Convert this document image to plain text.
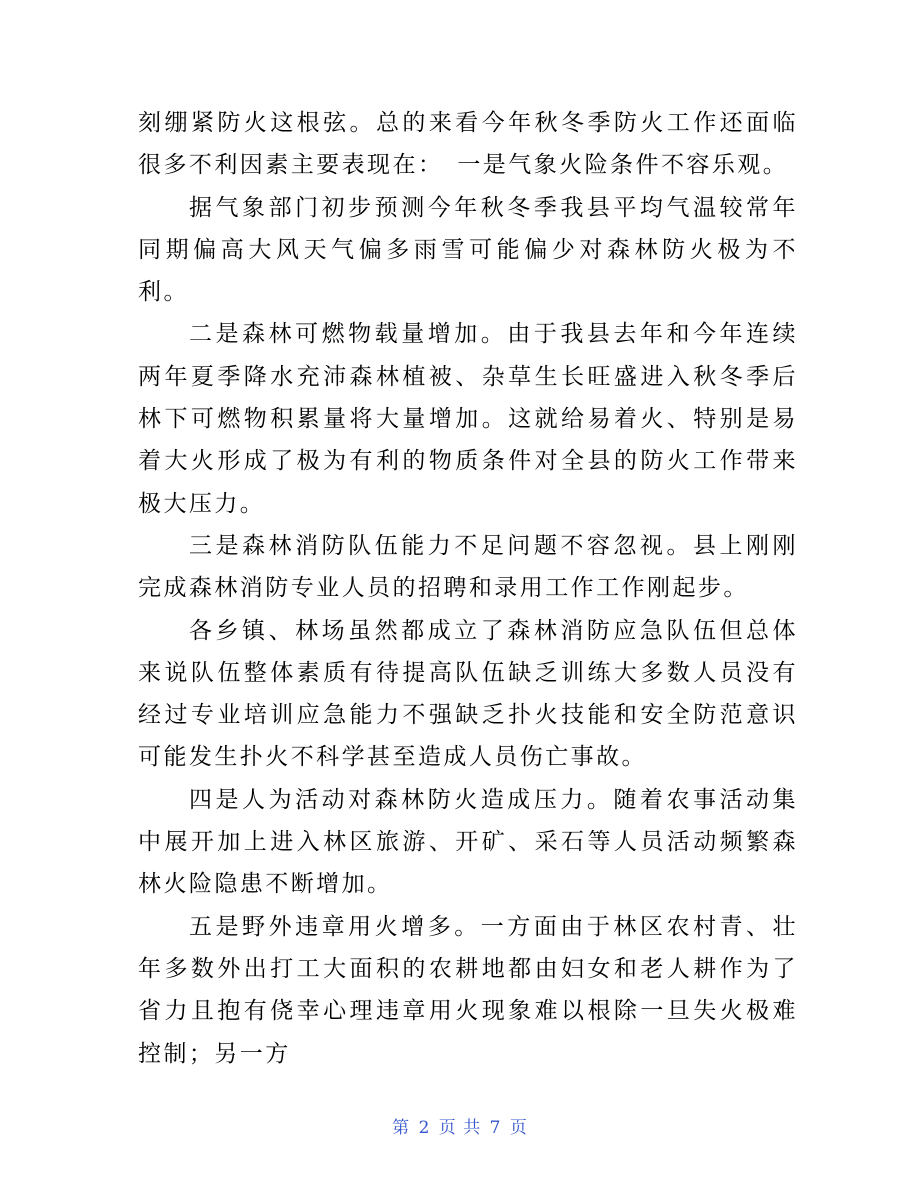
刻绷紧防火这根弦。总的来看今年秋冬季防火工作还面临很多不利因素主要表现在：　一是气象火险条件不容乐观。

据气象部门初步预测今年秋冬季我县平均气温较常年同期偏高大风天气偏多雨雪可能偏少对森林防火极为不利。

二是森林可燃物载量增加。由于我县去年和今年连续两年夏季降水充沛森林植被、杂草生长旺盛进入秋冬季后林下可燃物积累量将大量增加。这就给易着火、特别是易着大火形成了极为有利的物质条件对全县的防火工作带来极大压力。

三是森林消防队伍能力不足问题不容忽视。县上刚刚完成森林消防专业人员的招聘和录用工作工作刚起步。

各乡镇、林场虽然都成立了森林消防应急队伍但总体来说队伍整体素质有待提高队伍缺乏训练大多数人员没有经过专业培训应急能力不强缺乏扑火技能和安全防范意识可能发生扑火不科学甚至造成人员伤亡事故。

四是人为活动对森林防火造成压力。随着农事活动集中展开加上进入林区旅游、开矿、采石等人员活动频繁森林火险隐患不断增加。

五是野外违章用火增多。一方面由于林区农村青、壮年多数外出打工大面积的农耕地都由妇女和老人耕作为了省力且抱有侥幸心理违章用火现象难以根除一旦失火极难控制；另一方

第 2 页 共 7 页
